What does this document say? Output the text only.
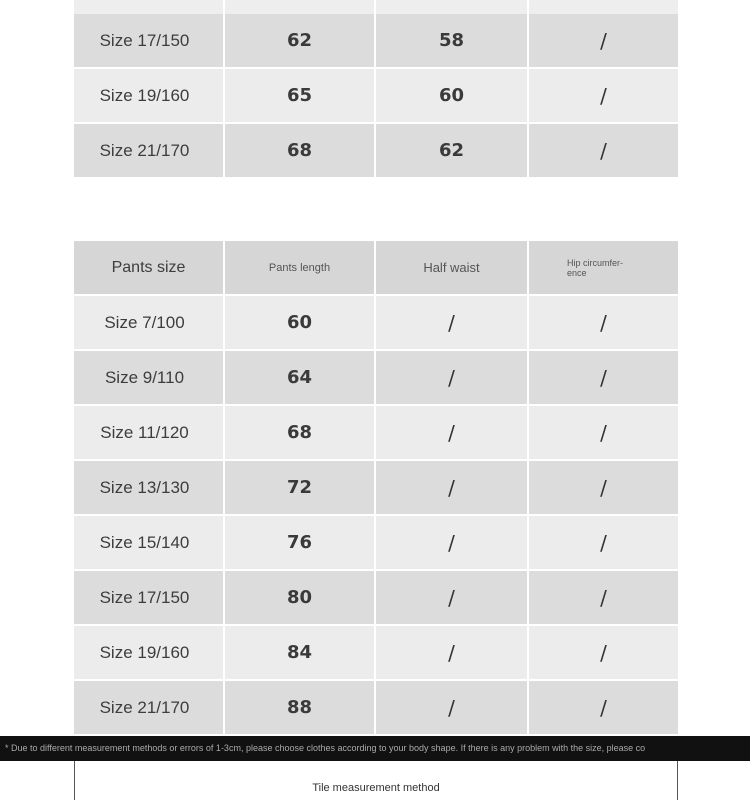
Size 17/150	62	58	/
Size 19/160	65	60	/
Size 21/170	68	62	/
Pants size	Pants length	Half waist	Hip circumfer-
ence
Size 7/100	60	/	/
Size 9/110	64	/	/
Size 11/120	68	/	/
Size 13/130	72	/	/
Size 15/140	76	/	/
Size 17/150	80	/	/
Size 19/160	84	/	/
Size 21/170	88	/	/
* Due to different measurement methods or errors of 1-3cm, please choose clothes according to your body shape. If there is any problem with the size, please co
Tile measurement method
